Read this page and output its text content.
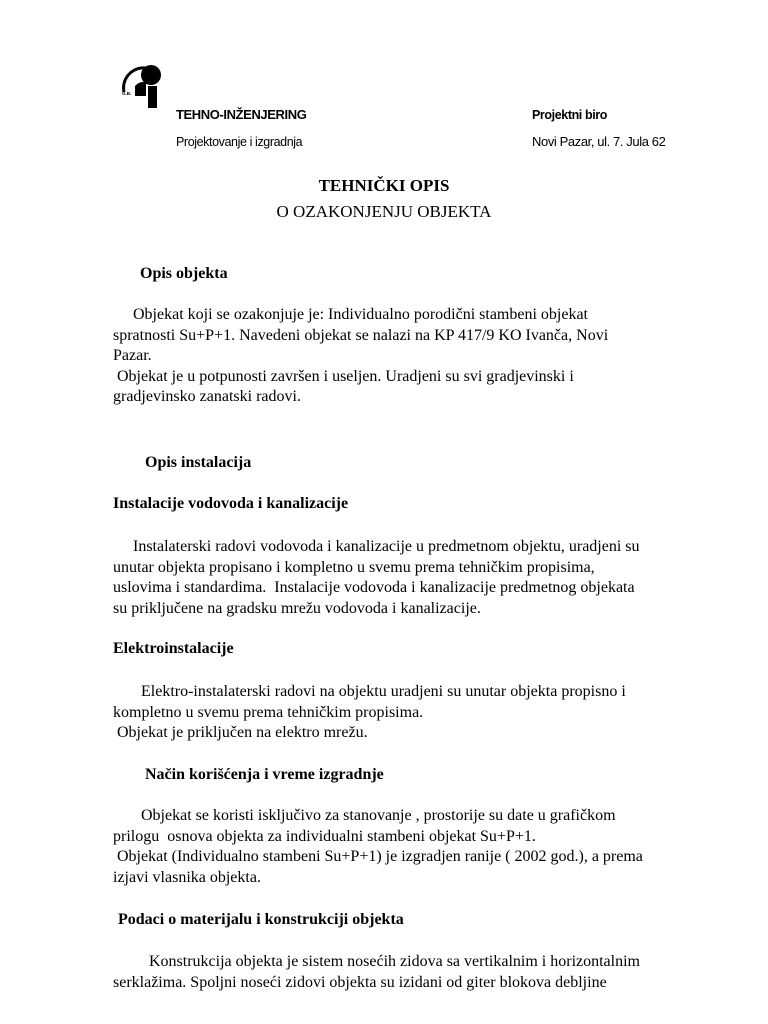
G.B.
TEHNO-INŽENJERING
Projektovanje i izgradnja
Projektni biro
Novi Pazar, ul. 7. Jula 62
TEHNIČKI OPIS
O OZAKONJENJU OBJEKTA
Opis objekta
Objekat koji se ozakonjuje je: Individualno porodični stambeni objekat
spratnosti Su+P+1. Navedeni objekat se nalazi na KP 417/9 KO Ivanča, Novi
Pazar.
Objekat je u potpunosti završen i useljen. Uradjeni su svi gradjevinski i
gradjevinsko zanatski radovi.
Opis instalacija
Instalacije vodovoda i kanalizacije
Instalaterski radovi vodovoda i kanalizacije u predmetnom objektu, uradjeni su
unutar objekta propisano i kompletno u svemu prema tehničkim propisima,
uslovima i standardima.  Instalacije vodovoda i kanalizacije predmetnog objekata
su priključene na gradsku mrežu vodovoda i kanalizacije.
Elektroinstalacije
Elektro-instalaterski radovi na objektu uradjeni su unutar objekta propisno i
kompletno u svemu prema tehničkim propisima.
Objekat je priključen na elektro mrežu.
Način korišćenja i vreme izgradnje
Objekat se koristi isključivo za stanovanje , prostorije su date u grafičkom
prilogu  osnova objekta za individualni stambeni objekat Su+P+1.
Objekat (Individualno stambeni Su+P+1) je izgradjen ranije ( 2002 god.), a prema
izjavi vlasnika objekta.
Podaci o materijalu i konstrukciji objekta
Konstrukcija objekta je sistem nosećih zidova sa vertikalnim i horizontalnim
serklažima. Spoljni noseći zidovi objekta su izidani od giter blokova debljine
